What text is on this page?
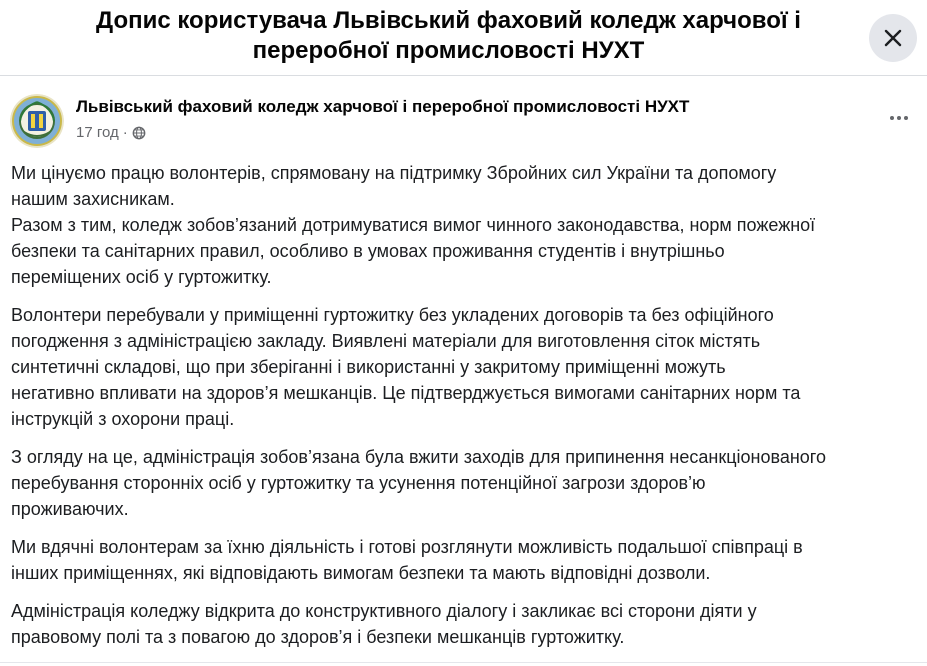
Допис користувача Львівський фаховий коледж харчової і переробної промисловості НУХТ
Львівський фаховий коледж харчової і переробної промисловості НУХТ
17 год ·

Ми цінуємо працю волонтерів, спрямовану на підтримку Збройних сил України та допомогу
нашим захисникам.
Разом з тим, коледж зобов’язаний дотримуватися вимог чинного законодавства, норм пожежної
безпеки та санітарних правил, особливо в умовах проживання студентів і внутрішньо
переміщених осіб у гуртожитку.

Волонтери перебували у приміщенні гуртожитку без укладених договорів та без офіційного
погодження з адміністрацією закладу. Виявлені матеріали для виготовлення сіток містять
синтетичні складові, що при зберіганні і використанні у закритому приміщенні можуть
негативно впливати на здоров’я мешканців. Це підтверджується вимогами санітарних норм та
інструкцій з охорони праці.

З огляду на це, адміністрація зобов’язана була вжити заходів для припинення несанкціонованого
перебування сторонніх осіб у гуртожитку та усунення потенційної загрози здоров’ю
проживаючих.

Ми вдячні волонтерам за їхню діяльність і готові розглянути можливість подальшої співпраці в
інших приміщеннях, які відповідають вимогам безпеки та мають відповідні дозволи.

Адміністрація коледжу відкрита до конструктивного діалогу і закликає всі сторони діяти у
правовому полі та з повагою до здоров’я і безпеки мешканців гуртожитку.
